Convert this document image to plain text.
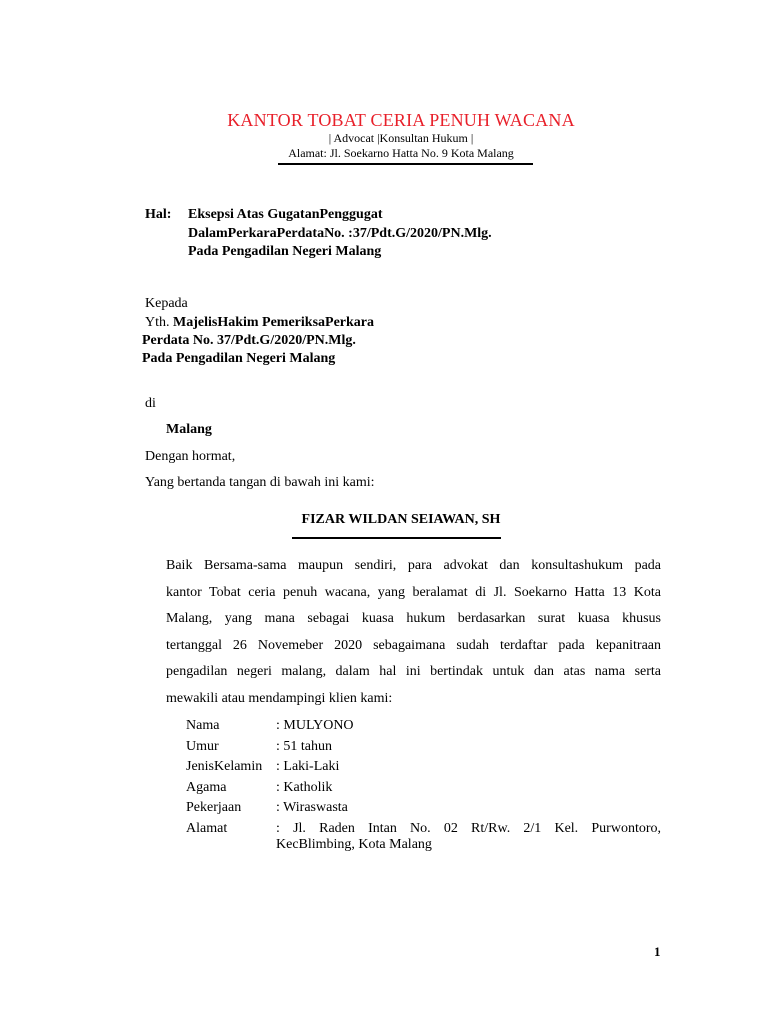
KANTOR TOBAT CERIA PENUH WACANA
| Advocat |Konsultan Hukum |
Alamat: Jl. Soekarno Hatta No. 9 Kota Malang
Hal: Eksepsi Atas GugatanPenggugat
DalamPerkaraPerdataNo. :37/Pdt.G/2020/PN.Mlg.
Pada Pengadilan Negeri Malang
Kepada
Yth. MajelisHakim PemeriksaPerkara
Perdata No. 37/Pdt.G/2020/PN.Mlg.
Pada Pengadilan Negeri Malang
di
Malang
Dengan hormat,
Yang bertanda tangan di bawah ini kami:
FIZAR WILDAN SEIAWAN, SH
Baik Bersama-sama maupun sendiri, para advokat dan konsultashukum pada
kantor Tobat ceria penuh wacana, yang beralamat di Jl. Soekarno Hatta 13 Kota
Malang, yang mana sebagai kuasa hukum berdasarkan surat kuasa khusus
tertanggal 26 Novemeber 2020 sebagaimana sudah terdaftar pada kepanitraan
pengadilan negeri malang, dalam hal ini bertindak untuk dan atas nama serta
mewakili atau mendampingi klien kami:
Nama	: MULYONO
Umur	: 51 tahun
JenisKelamin : Laki-Laki
Agama	: Katholik
Pekerjaan : Wiraswasta
Alamat	: Jl. Raden Intan No. 02 Rt/Rw. 2/1 Kel. Purwontoro,
KecBlimbing, Kota Malang
1
